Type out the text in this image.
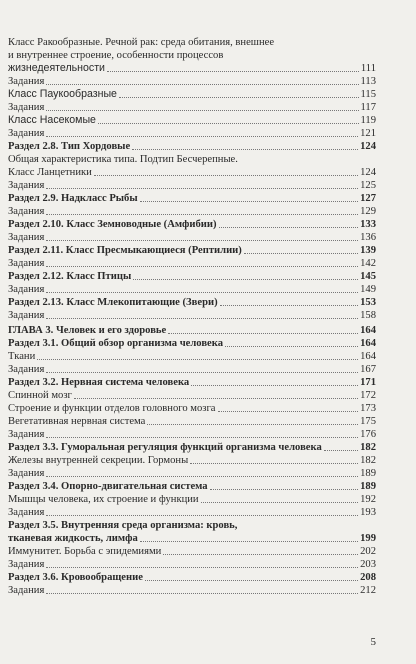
Класс Ракообразные. Речной рак: среда обитания, внешнее
и внутреннее строение, особенности процессов
жизнедеятельности	111
Задания	113
Класс Паукообразные	115
Задания	117
Класс Насекомые	119
Задания	121
Раздел 2.8. Тип Хордовые	124
Общая характеристика типа. Подтип Бесчерепные.
Класс Ланцетники	124
Задания	125
Раздел 2.9. Надкласс Рыбы	127
Задания	129
Раздел 2.10. Класс Земноводные (Амфибии)	133
Задания	136
Раздел 2.11. Класс Пресмыкающиеся (Рептилии)	139
Задания	142
Раздел 2.12. Класс Птицы	145
Задания	149
Раздел 2.13. Класс Млекопитающие (Звери)	153
Задания	158
ГЛАВА 3. Человек и его здоровье	164
Раздел 3.1. Общий обзор организма человека	164
Ткани	164
Задания	167
Раздел 3.2. Нервная система человека	171
Спинной мозг	172
Строение и функции отделов головного мозга	173
Вегетативная нервная система	175
Задания	176
Раздел 3.3. Гуморальная регуляция функций организма человека	182
Железы внутренней секреции. Гормоны	182
Задания	189
Раздел 3.4. Опорно-двигательная система	189
Мышцы человека, их строение и функции	192
Задания	193
Раздел 3.5. Внутренняя среда организма: кровь,
тканевая жидкость, лимфа	199
Иммунитет. Борьба с эпидемиями	202
Задания	203
Раздел 3.6. Кровообращение	208
Задания	212
5
